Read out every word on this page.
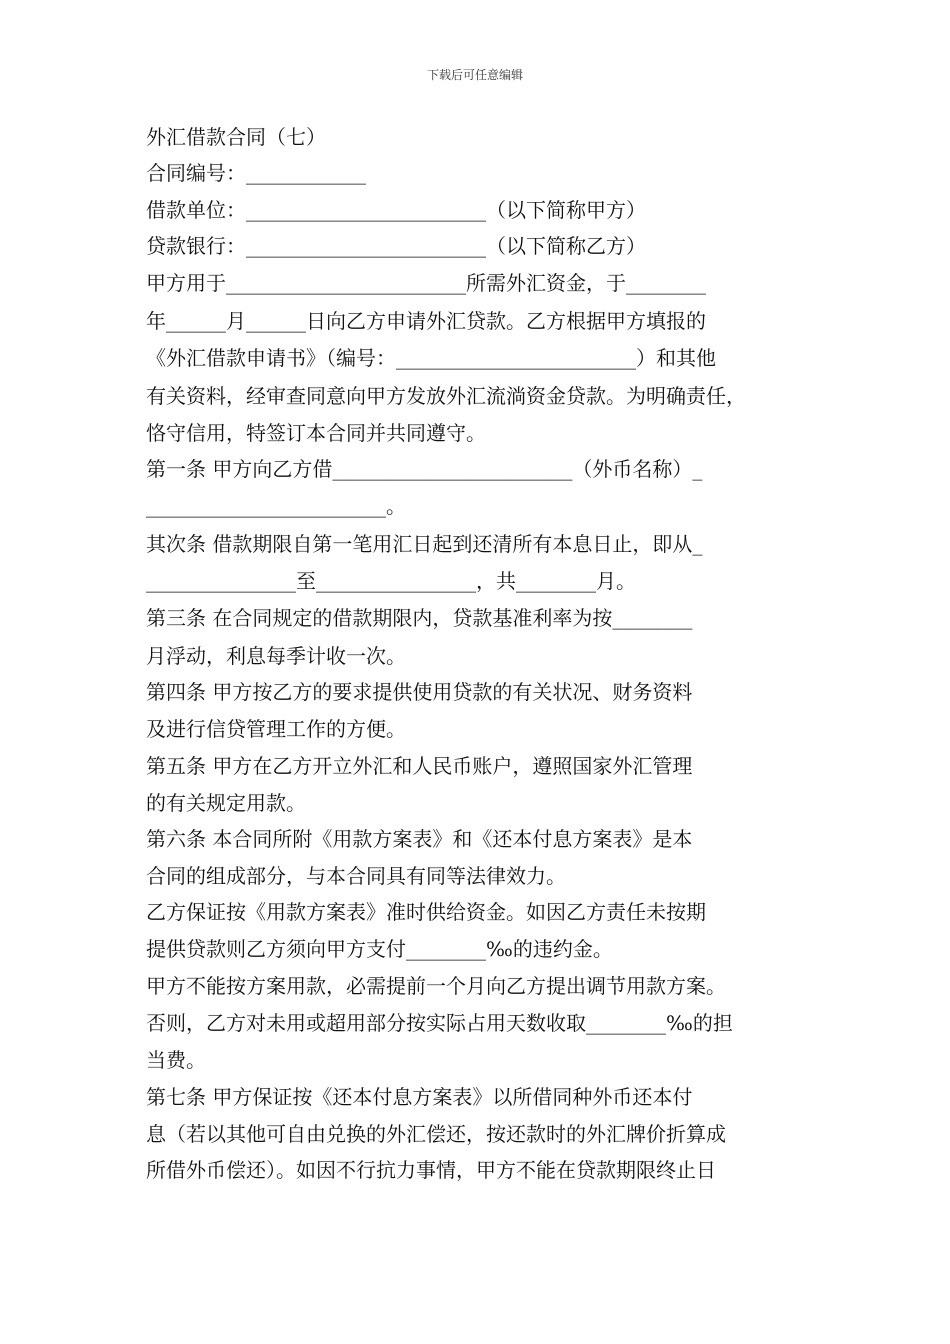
下载后可任意编辑
外汇借款合同（七）
合同编号：____________
借款单位：________________________（以下简称甲方）
贷款银行：________________________（以下简称乙方）
甲方用于________________________所需外汇资金，于________
年______月______日向乙方申请外汇贷款。乙方根据甲方填报的
《外汇借款申请书》（编号：________________________）和其他
有关资料，经审查同意向甲方发放外汇流淌资金贷款。为明确责任，
恪守信用，特签订本合同并共同遵守。
第一条 甲方向乙方借________________________（外币名称）_
________________________。
其次条 借款期限自第一笔用汇日起到还清所有本息日止，即从_
_______________至________________，共________月。
第三条 在合同规定的借款期限内，贷款基准利率为按________
月浮动，利息每季计收一次。
第四条 甲方按乙方的要求提供使用贷款的有关状况、财务资料
及进行信贷管理工作的方便。
第五条 甲方在乙方开立外汇和人民币账户，遵照国家外汇管理
的有关规定用款。
第六条 本合同所附《用款方案表》和《还本付息方案表》是本
合同的组成部分，与本合同具有同等法律效力。
乙方保证按《用款方案表》准时供给资金。如因乙方责任未按期
提供贷款则乙方须向甲方支付________‰的违约金。
甲方不能按方案用款，必需提前一个月向乙方提出调节用款方案。
否则，乙方对未用或超用部分按实际占用天数收取________‰的担
当费。
第七条 甲方保证按《还本付息方案表》以所借同种外币还本付
息（若以其他可自由兑换的外汇偿还，按还款时的外汇牌价折算成
所借外币偿还）。如因不行抗力事情，甲方不能在贷款期限终止日
